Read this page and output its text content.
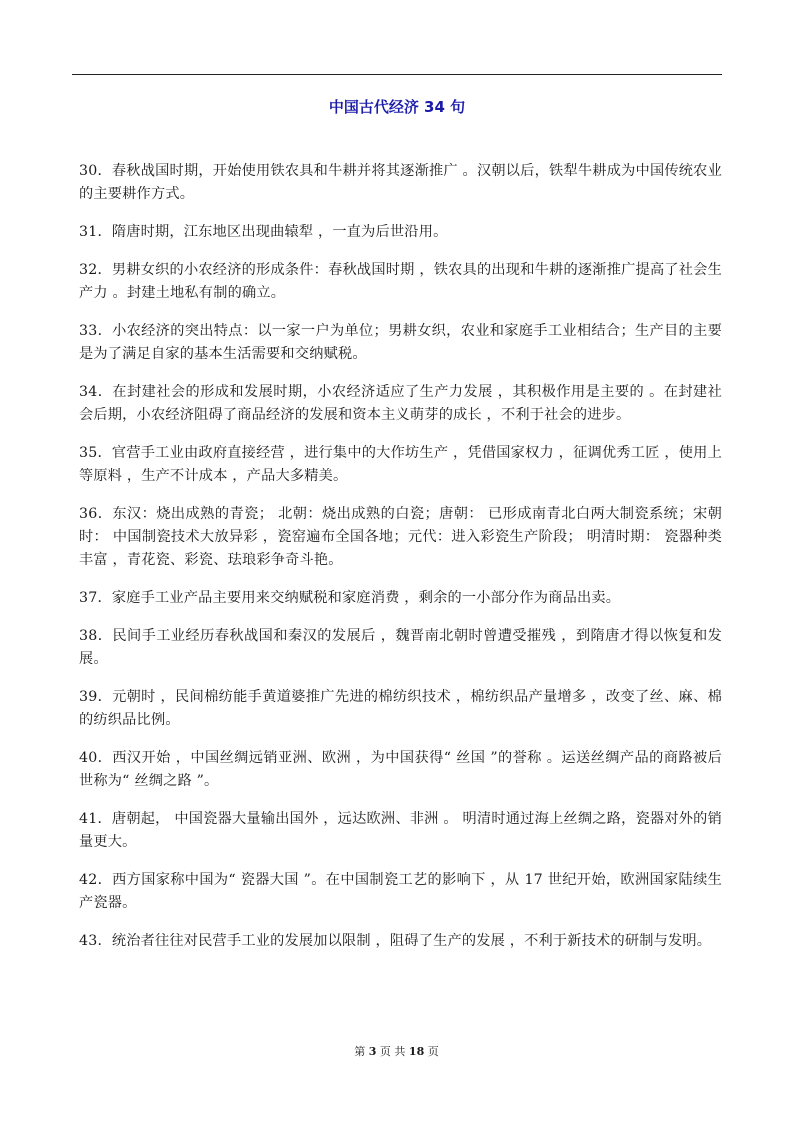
中国古代经济 34 句

30．春秋战国时期，开始使用铁农具和牛耕并将其逐渐推广 。汉朝以后，铁犁牛耕成为中国传统农业的主要耕作方式。

31．隋唐时期，江东地区出现曲辕犁 ，一直为后世沿用。

32．男耕女织的小农经济的形成条件：春秋战国时期 ，铁农具的出现和牛耕的逐渐推广提高了社会生产力 。封建土地私有制的确立。

33．小农经济的突出特点：以一家一户为单位；男耕女织，农业和家庭手工业相结合；生产目的主要是为了满足自家的基本生活需要和交纳赋税。

34．在封建社会的形成和发展时期，小农经济适应了生产力发展 ，其积极作用是主要的 。在封建社会后期，小农经济阻碍了商品经济的发展和资本主义萌芽的成长 ，不利于社会的进步。

35．官营手工业由政府直接经营 ，进行集中的大作坊生产 ，凭借国家权力 ，征调优秀工匠 ，使用上等原料 ，生产不计成本 ，产品大多精美。

36．东汉：烧出成熟的青瓷； 北朝：烧出成熟的白瓷；唐朝： 已形成南青北白两大制瓷系统；宋朝时： 中国制瓷技术大放异彩 ，瓷窑遍布全国各地；元代：进入彩瓷生产阶段； 明清时期： 瓷器种类丰富 ，青花瓷、彩瓷、珐琅彩争奇斗艳。

37．家庭手工业产品主要用来交纳赋税和家庭消费 ，剩余的一小部分作为商品出卖。

38．民间手工业经历春秋战国和秦汉的发展后 ，魏晋南北朝时曾遭受摧残 ，到隋唐才得以恢复和发展。

39．元朝时 ，民间棉纺能手黄道婆推广先进的棉纺织技术 ，棉纺织品产量增多 ，改变了丝、麻、棉的纺织品比例。

40．西汉开始 ，中国丝绸远销亚洲、欧洲 ，为中国获得“ 丝国 ”的誉称 。运送丝绸产品的商路被后世称为“ 丝绸之路 ”。

41．唐朝起， 中国瓷器大量输出国外 ，远达欧洲、非洲 。 明清时通过海上丝绸之路，瓷器对外的销量更大。

42．西方国家称中国为“ 瓷器大国 ”。在中国制瓷工艺的影响下 ，从 17 世纪开始，欧洲国家陆续生产瓷器。

43．统治者往往对民营手工业的发展加以限制 ，阻碍了生产的发展 ，不利于新技术的研制与发明。

第 3 页 共 18 页
